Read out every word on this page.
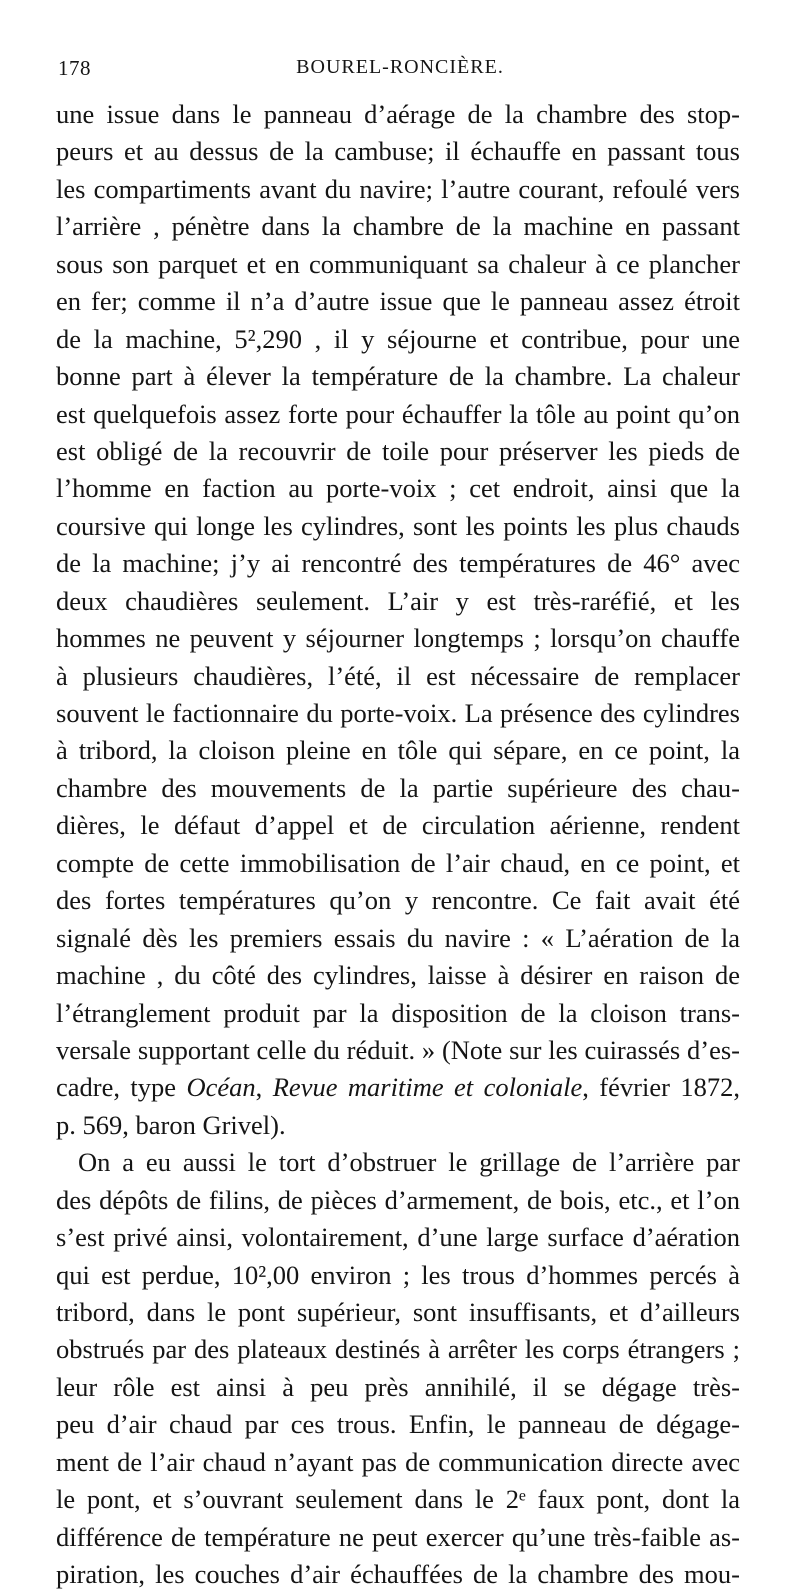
178	BOUREL-RONCIÈRE.
une issue dans le panneau d’aérage de la chambre des stop-
peurs et au dessus de la cambuse; il échauffe en passant tous
les compartiments avant du navire; l’autre courant, refoulé vers
l’arrière , pénètre dans la chambre de la machine en passant
sous son parquet et en communiquant sa chaleur à ce plancher
en fer; comme il n’a d’autre issue que le panneau assez étroit
de la machine, 5²,290 , il y séjourne et contribue, pour une
bonne part à élever la température de la chambre. La chaleur
est quelquefois assez forte pour échauffer la tôle au point qu’on
est obligé de la recouvrir de toile pour préserver les pieds de
l’homme en faction au porte-voix ; cet endroit, ainsi que la
coursive qui longe les cylindres, sont les points les plus chauds
de la machine; j’y ai rencontré des températures de 46° avec
deux chaudières seulement. L’air y est très-raréfié, et les
hommes ne peuvent y séjourner longtemps ; lorsqu’on chauffe
à plusieurs chaudières, l’été, il est nécessaire de remplacer
souvent le factionnaire du porte-voix. La présence des cylindres
à tribord, la cloison pleine en tôle qui sépare, en ce point, la
chambre des mouvements de la partie supérieure des chau-
dières, le défaut d’appel et de circulation aérienne, rendent
compte de cette immobilisation de l’air chaud, en ce point, et
des fortes températures qu’on y rencontre. Ce fait avait été
signalé dès les premiers essais du navire : « L’aération de la
machine , du côté des cylindres, laisse à désirer en raison de
l’étranglement produit par la disposition de la cloison trans-
versale supportant celle du réduit. » (Note sur les cuirassés d’es-
cadre, type Océan, Revue maritime et coloniale, février 1872,
p. 569, baron Grivel).
On a eu aussi le tort d’obstruer le grillage de l’arrière par
des dépôts de filins, de pièces d’armement, de bois, etc., et l’on
s’est privé ainsi, volontairement, d’une large surface d’aération
qui est perdue, 10²,00 environ ; les trous d’hommes percés à
tribord, dans le pont supérieur, sont insuffisants, et d’ailleurs
obstrués par des plateaux destinés à arrêter les corps étrangers ;
leur rôle est ainsi à peu près annihilé, il se dégage très-
peu d’air chaud par ces trous. Enfin, le panneau de dégage-
ment de l’air chaud n’ayant pas de communication directe avec
le pont, et s’ouvrant seulement dans le 2ᵉ faux pont, dont la
différence de température ne peut exercer qu’une très-faible as-
piration, les couches d’air échauffées de la chambre des mou-
